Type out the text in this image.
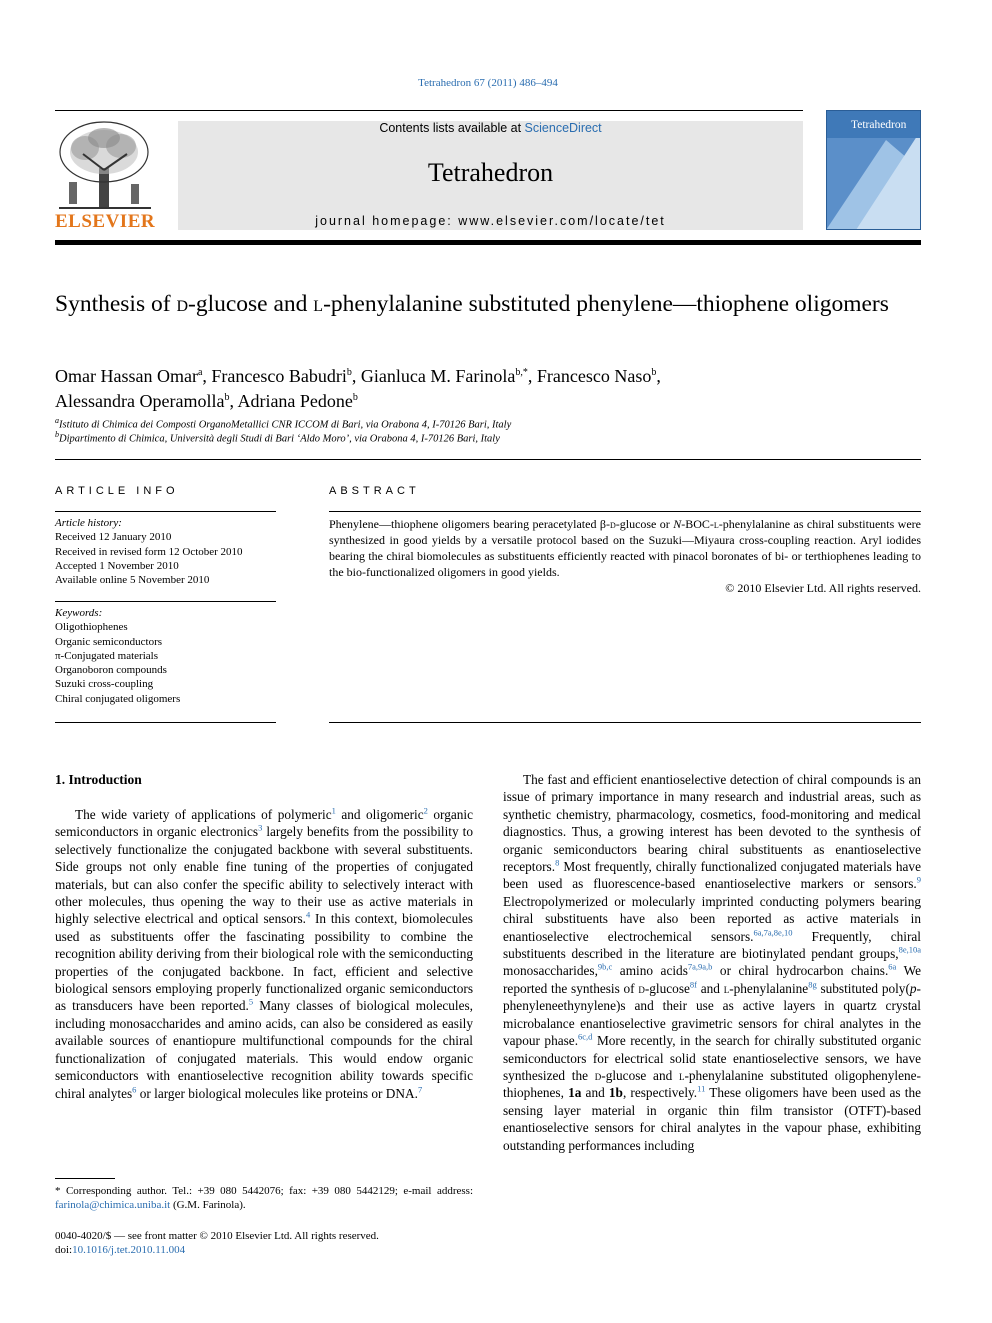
Tetrahedron 67 (2011) 486–494
ELSEVIER
Contents lists available at ScienceDirect
Tetrahedron
journal homepage: www.elsevier.com/locate/tet
Tetrahedron
Synthesis of d-glucose and l-phenylalanine substituted phenylene—thiophene oligomers
Omar Hassan Omar$^a$, Francesco Babudri$^b$, Gianluca M. Farinola$^{b,*}$, Francesco Naso$^b$,
Alessandra Operamolla$^b$, Adriana Pedone$^b$
$^a$Istituto di Chimica dei Composti OrganoMetallici CNR ICCOM di Bari, via Orabona 4, I-70126 Bari, Italy
$^b$Dipartimento di Chimica, Università degli Studi di Bari ‘Aldo Moro’, via Orabona 4, I-70126 Bari, Italy
ARTICLE INFO
Article history:
Received 12 January 2010
Received in revised form 12 October 2010
Accepted 1 November 2010
Available online 5 November 2010
Keywords:
Oligothiophenes
Organic semiconductors
π-Conjugated materials
Organoboron compounds
Suzuki cross-coupling
Chiral conjugated oligomers
ABSTRACT
Phenylene—thiophene oligomers bearing peracetylated β-d-glucose or N-BOC-l-phenylalanine as chiral substituents were synthesized in good yields by a versatile protocol based on the Suzuki—Miyaura cross-coupling reaction. Aryl iodides bearing the chiral biomolecules as substituents efficiently reacted with pinacol boronates of bi- or terthiophenes leading to the bio-functionalized oligomers in good yields.
© 2010 Elsevier Ltd. All rights reserved.
1. Introduction

The wide variety of applications of polymeric$^1$ and oligomeric$^2$ organic semiconductors in organic electronics$^3$ largely benefits from the possibility to selectively functionalize the conjugated backbone with several substituents. Side groups not only enable fine tuning of the properties of conjugated materials, but can also confer the specific ability to selectively interact with other molecules, thus opening the way to their use as active materials in highly selective electrical and optical sensors.$^4$ In this context, biomolecules used as substituents offer the fascinating possibility to combine the recognition ability deriving from their biological role with the semiconducting properties of the conjugated backbone. In fact, efficient and selective biological sensors employing properly functionalized organic semiconductors as transducers have been reported.$^5$ Many classes of biological molecules, including monosaccharides and amino acids, can also be considered as easily available sources of enantiopure multifunctional compounds for the chiral functionalization of conjugated materials. This would endow organic semiconductors with enantioselective recognition ability towards specific chiral analytes$^6$ or larger biological molecules like proteins or DNA.$^7$

The fast and efficient enantioselective detection of chiral compounds is an issue of primary importance in many research and industrial areas, such as synthetic chemistry, pharmacology, cosmetics, food-monitoring and medical diagnostics. Thus, a growing interest has been devoted to the synthesis of organic semiconductors bearing chiral substituents as enantioselective receptors.$^8$ Most frequently, chirally functionalized conjugated materials have been used as fluorescence-based enantioselective markers or sensors.$^9$ Electropolymerized or molecularly imprinted conducting polymers bearing chiral substituents have also been reported as active materials in enantioselective electrochemical sensors.$^{6a,7a,8e,10}$ Frequently, chiral substituents described in the literature are biotinylated pendant groups,$^{8e,10a}$ monosaccharides,$^{9b,c}$ amino acids$^{7a,9a,b}$ or chiral hydrocarbon chains.$^{6a}$ We reported the synthesis of d-glucose$^{8f}$ and l-phenylalanine$^{8g}$ substituted poly(p-phenyleneethynylene)s and their use as active layers in quartz crystal microbalance enantioselective gravimetric sensors for chiral analytes in the vapour phase.$^{6c,d}$ More recently, in the search for chirally substituted organic semiconductors for electrical solid state enantioselective sensors, we have synthesized the d-glucose and l-phenylalanine substituted oligophenylene-thiophenes, 1a and 1b, respectively.$^{11}$ These oligomers have been used as the sensing layer material in organic thin film transistor (OTFT)-based enantioselective sensors for chiral analytes in the vapour phase, exhibiting outstanding performances including

* Corresponding author. Tel.: +39 080 5442076; fax: +39 080 5442129; e-mail address: farinola@chimica.uniba.it (G.M. Farinola).
0040-4020/$ — see front matter © 2010 Elsevier Ltd. All rights reserved.
doi:10.1016/j.tet.2010.11.004
